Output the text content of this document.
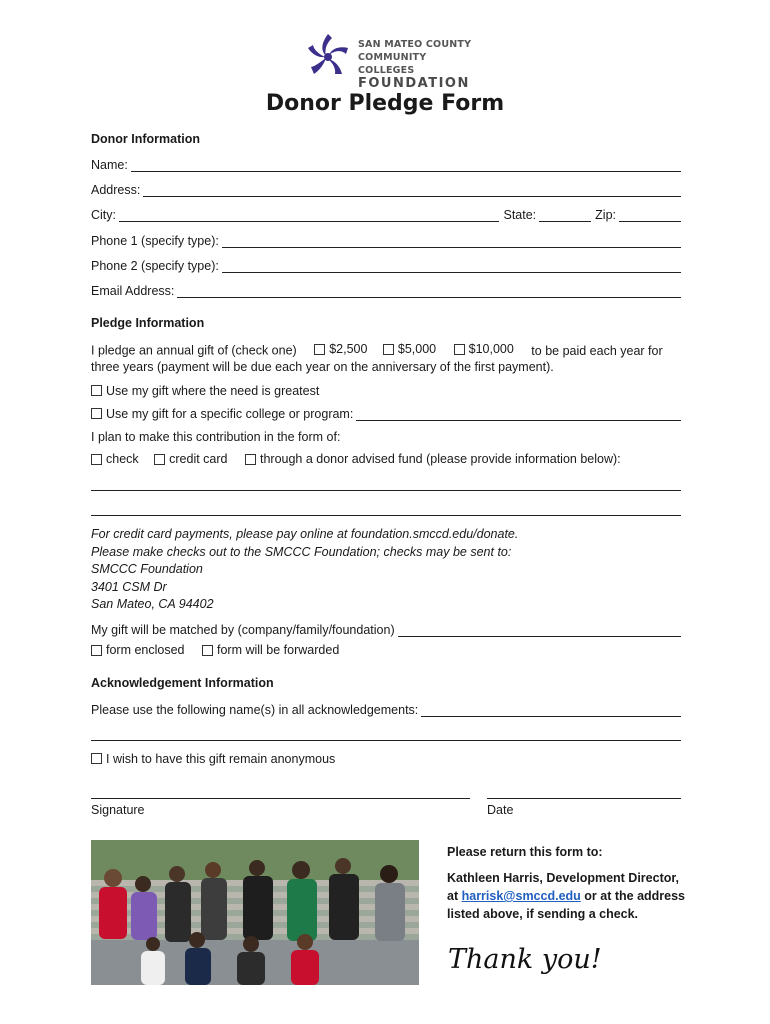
SAN MATEO COUNTY
COMMUNITY COLLEGES
FOUNDATION
Donor Pledge Form
Donor Information
Name:
Address:
City:	State:	Zip:
Phone 1 (specify type):
Phone 2 (specify type):
Email Address:
Pledge Information
I pledge an annual gift of (check one)	$2,500
$5,000
	$10,000 to be paid each year for
three years (payment will be due each year on the anniversary of the first payment).
Use my gift where the need is greatest
Use my gift for a specific college or program:
I plan to make this contribution in the form of:
check
credit card
	through a donor advised fund (please provide information below):
For credit card payments, please pay online at foundation.smccd.edu/donate.
Please make checks out to the SMCCC Foundation; checks may be sent to:
SMCCC Foundation
3401 CSM Dr
San Mateo, CA 94402
My gift will be matched by (company/family/foundation)
form enclosed
	form will be forwarded
Acknowledgement Information
Please use the following name(s) in all acknowledgements:
I wish to have this gift remain anonymous
Signature	Date
Please return this form to:
Kathleen Harris, Development Director,
at harrisk@smccd.edu or at the address
listed above, if sending a check.
Thank you!
